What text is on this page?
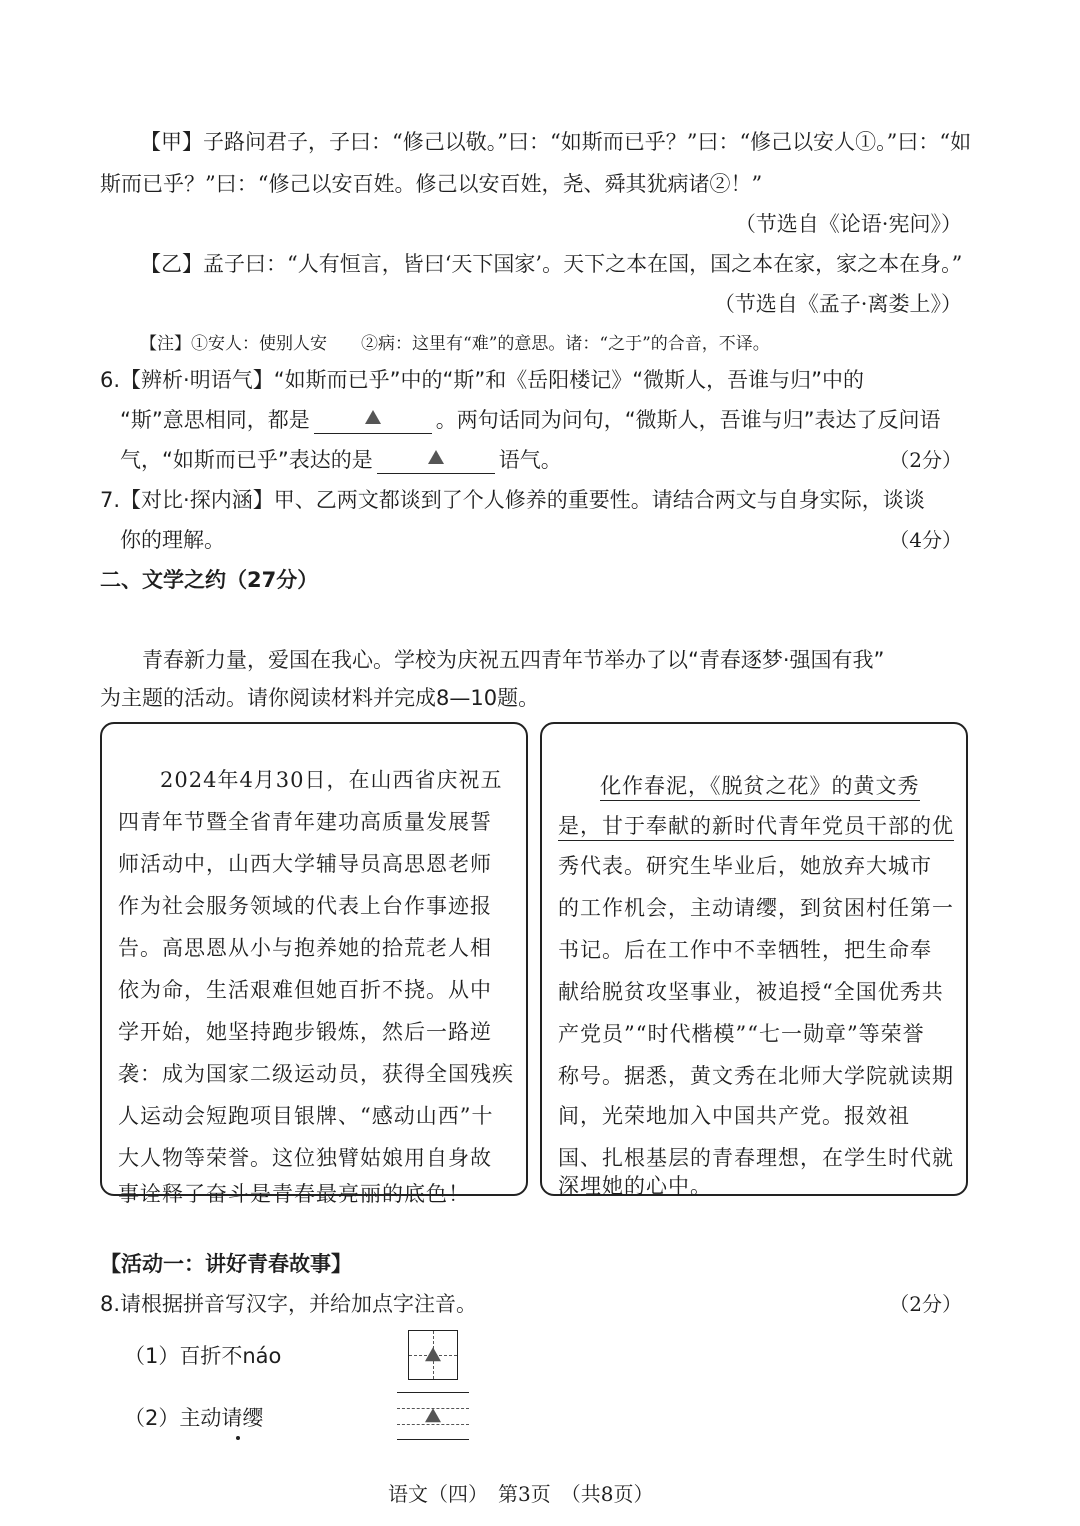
【甲】子路问君子，子曰：“修己以敬。”曰：“如斯而已乎？”曰：“修己以安人①。”曰：“如
斯而已乎？”曰：“修己以安百姓。修己以安百姓，尧、舜其犹病诸②！”
（节选自《论语·宪问》）
【乙】孟子曰：“人有恒言，皆曰‘天下国家’。天下之本在国，国之本在家，家之本在身。”
（节选自《孟子·离娄上》）
【注】①安人：使别人安　　②病：这里有“难”的意思。诸：“之于”的合音，不译。
6.【辨析·明语气】“如斯而已乎”中的“斯”和《岳阳楼记》“微斯人，吾谁与归”中的
“斯”意思相同，都是	。两句话同为问句，“微斯人，吾谁与归”表达了反问语
气，“如斯而已乎”表达的是	语气。	（2分）
7.【对比·探内涵】甲、乙两文都谈到了个人修养的重要性。请结合两文与自身实际，谈谈
你的理解。	（4分）
二、文学之约（27分）
青春新力量，爱国在我心。学校为庆祝五四青年节举办了以“青春逐梦·强国有我”
为主题的活动。请你阅读材料并完成8—10题。
2024年4月30日，在山西省庆祝五
四青年节暨全省青年建功高质量发展誓
师活动中，山西大学辅导员高思恩老师
作为社会服务领域的代表上台作事迹报
告。高思恩从小与抱养她的拾荒老人相
依为命，生活艰难但她百折不挠。从中
学开始，她坚持跑步锻炼，然后一路逆
袭：成为国家二级运动员，获得全国残疾
人运动会短跑项目银牌、“感动山西”十
大人物等荣誉。这位独臂姑娘用自身故
事诠释了奋斗是青春最亮丽的底色！
化作春泥，《脱贫之花》的黄文秀
是，甘于奉献的新时代青年党员干部的优
秀代表。研究生毕业后，她放弃大城市
的工作机会，主动请缨，到贫困村任第一
书记。后在工作中不幸牺牲，把生命奉
献给脱贫攻坚事业，被追授“全国优秀共
产党员”“时代楷模”“七一勋章”等荣誉
称号。据悉，黄文秀在北师大学院就读期
间，光荣地加入中国共产党。报效祖
国、扎根基层的青春理想，在学生时代就
深埋她的心中。
【活动一：讲好青春故事】
8.请根据拼音写汉字，并给加点字注音。	（2分）
（1）百折不náo
（2）主动请缨
语文（四）　第3页　（共8页）
